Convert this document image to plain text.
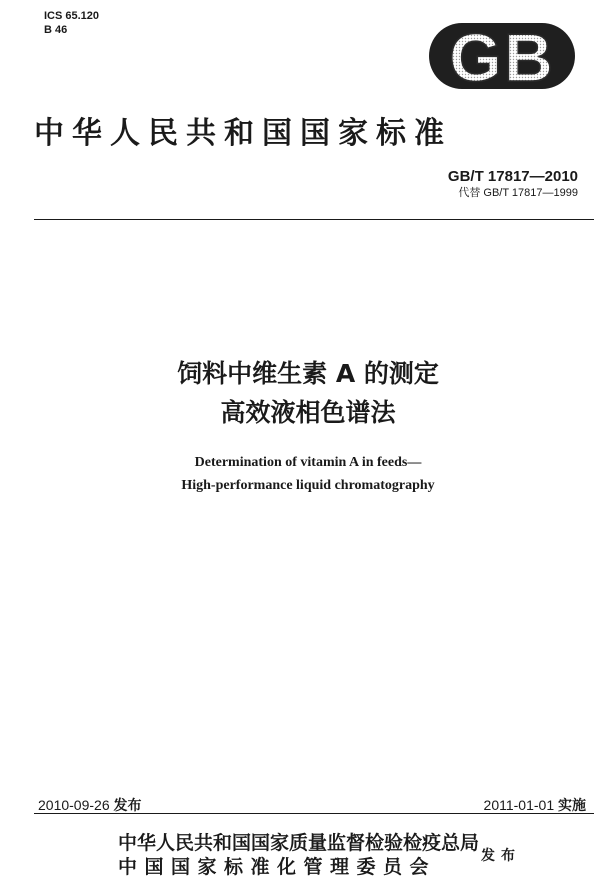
ICS 65.120
B 46	GB
中华人民共和国国家标准
GB/T 17817—2010
代替 GB/T 17817—1999
饲料中维生素 A 的测定
高效液相色谱法
Determination of vitamin A in feeds—
High-performance liquid chromatography
2010-09-26 发布	2011-01-01 实施
中华人民共和国国家质量监督检验检疫总局
中国国家标准化管理委员会	发布
